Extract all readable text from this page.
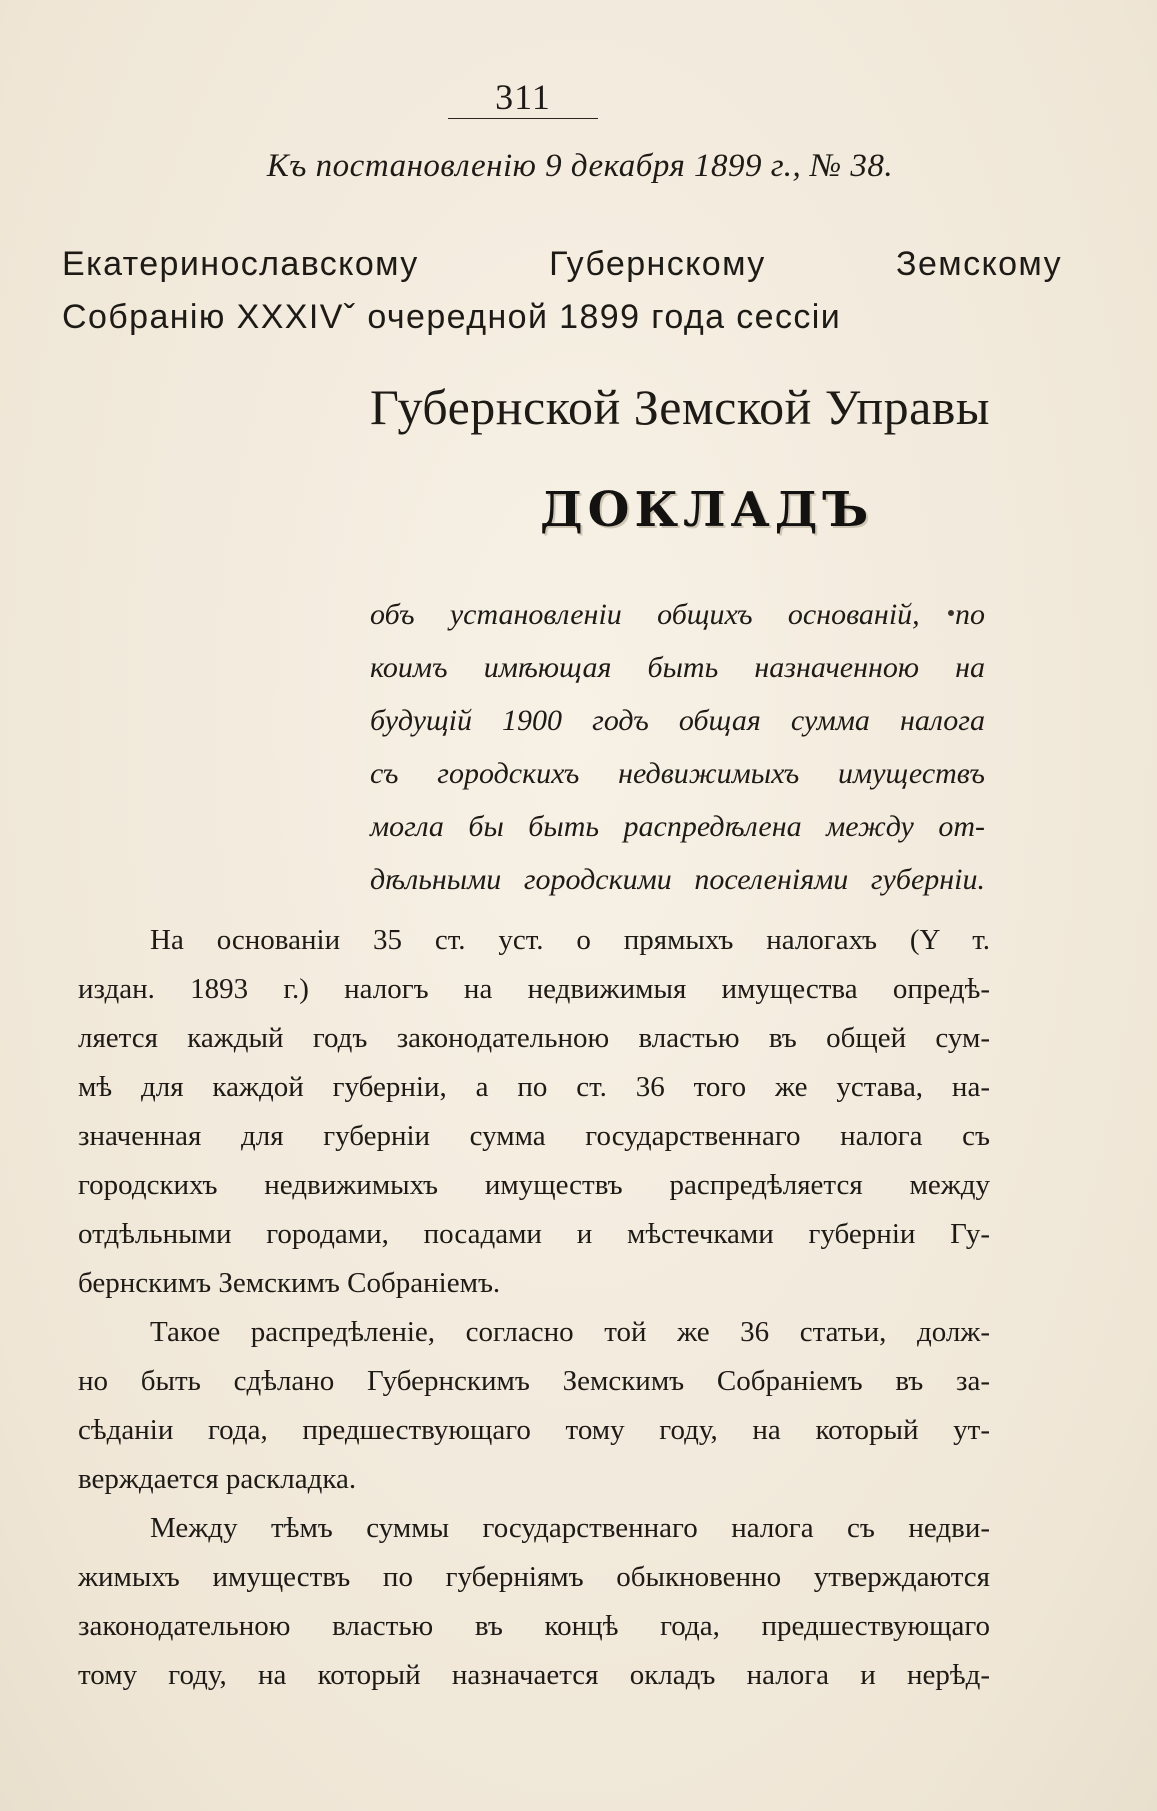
311
Къ постановленію 9 декабря 1899 г., № 38.
Екатеринославскому Губернскому Земскому
Собранію XXXIVˇ очередной 1899 года сессіи
Губернской Земской Управы
ДОКЛАДЪ
объ установленіи общихъ основаній, по
коимъ имѣющая быть назначенною на
будущій 1900 годъ общая сумма налога
съ городскихъ недвижимыхъ имуществъ
могла бы быть распредѣлена между от-
дѣльными городскими поселеніями губерніи.
На основаніи 35 ст. уст. о прямыхъ налогахъ (Y т.
издан. 1893 г.) налогъ на недвижимыя имущества опредѣ-
ляется каждый годъ законодательною властью въ общей сум-
мѣ для каждой губерніи, а по ст. 36 того же устава, на-
значенная для губерніи сумма государственнаго налога съ
городскихъ недвижимыхъ имуществъ распредѣляется между
отдѣльными городами, посадами и мѣстечками губерніи Гу-
бернскимъ Земскимъ Собраніемъ.
Такое распредѣленіе, согласно той же 36 статьи, долж-
но быть сдѣлано Губернскимъ Земскимъ Собраніемъ въ за-
сѣданіи года, предшествующаго тому году, на который ут-
верждается раскладка.
Между тѣмъ суммы государственнаго налога съ недви-
жимыхъ имуществъ по губерніямъ обыкновенно утверждаются
законодательною властью въ концѣ года, предшествующаго
тому году, на который назначается окладъ налога и нерѣд-
